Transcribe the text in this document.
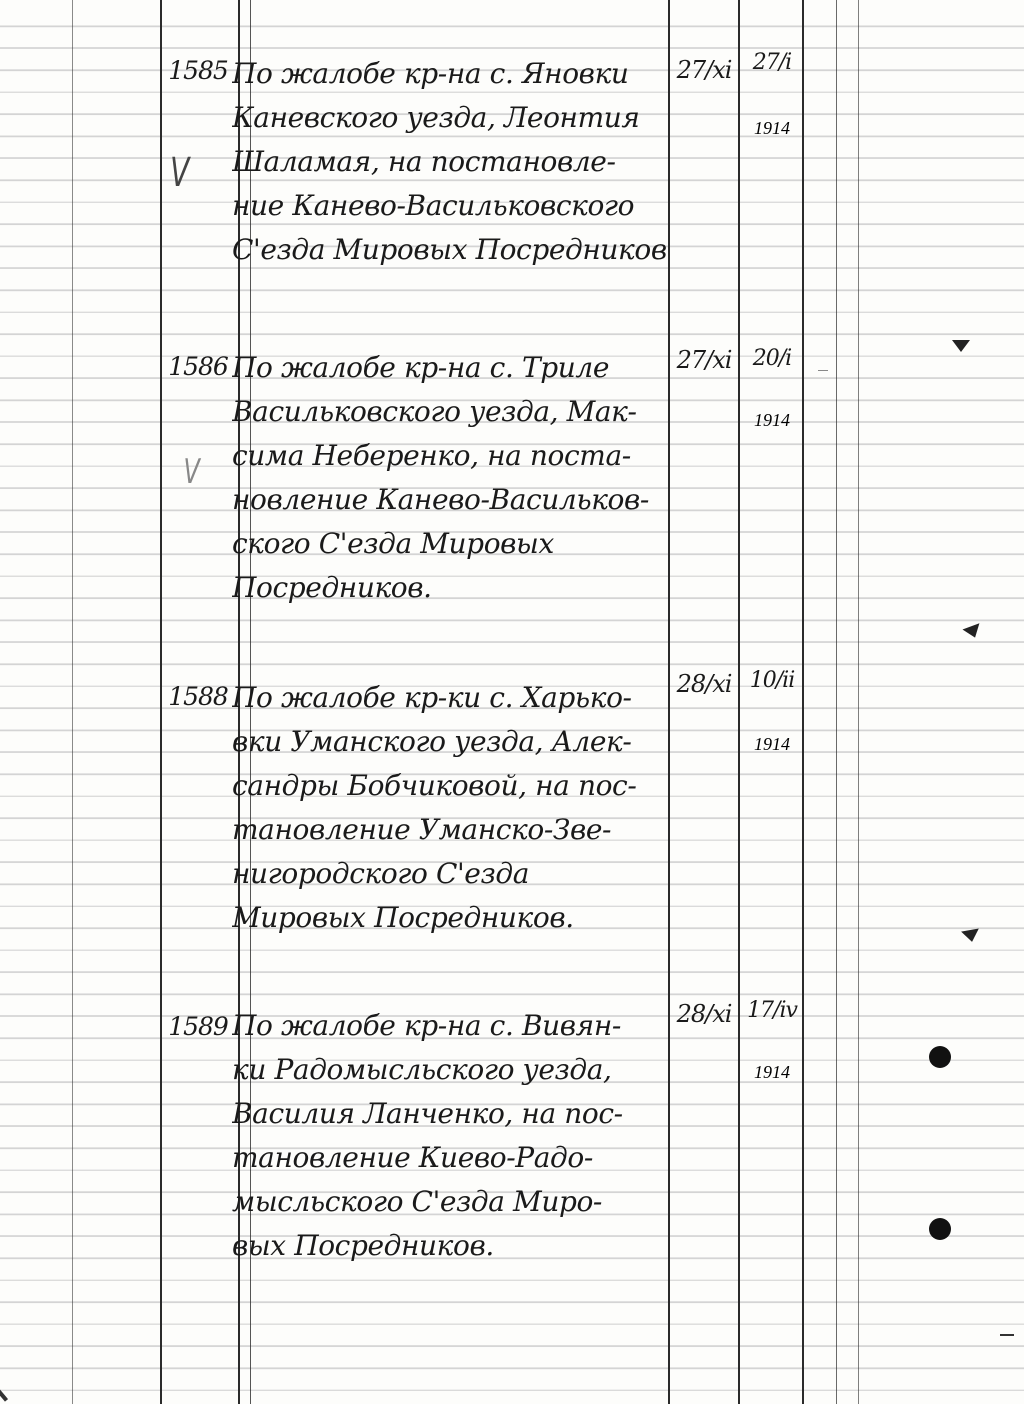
1585
V
По жалобе кр-на с. Яновки
Каневского уезда, Леонтия
Шаламая, на постановле-
ние Канево-Васильковского
С'езда Мировых Посредников
27/xi 27/i
1914
1586
V
По жалобе кр-на с. Триле
Васильковского уезда, Мак-
сима Неберенко, на поста-
новление Канево-Васильков-
ского С'езда Мировых
Посредников.
27/xi 20/i
1914
1588 По жалобе кр-ки с. Харько-
вки Уманского уезда, Алек-
сандры Бобчиковой, на пос-
тановление Уманско-Зве-
нигородского С'езда
Мировых Посредников.
28/xi 10/ii
1914
1589 По жалобе кр-на с. Вивян-
ки Радомысльского уезда,
Василия Ланченко, на пос-
тановление Киево-Радо-
мысльского С'езда Миро-
вых Посредников.
28/xi 17/iv
1914
